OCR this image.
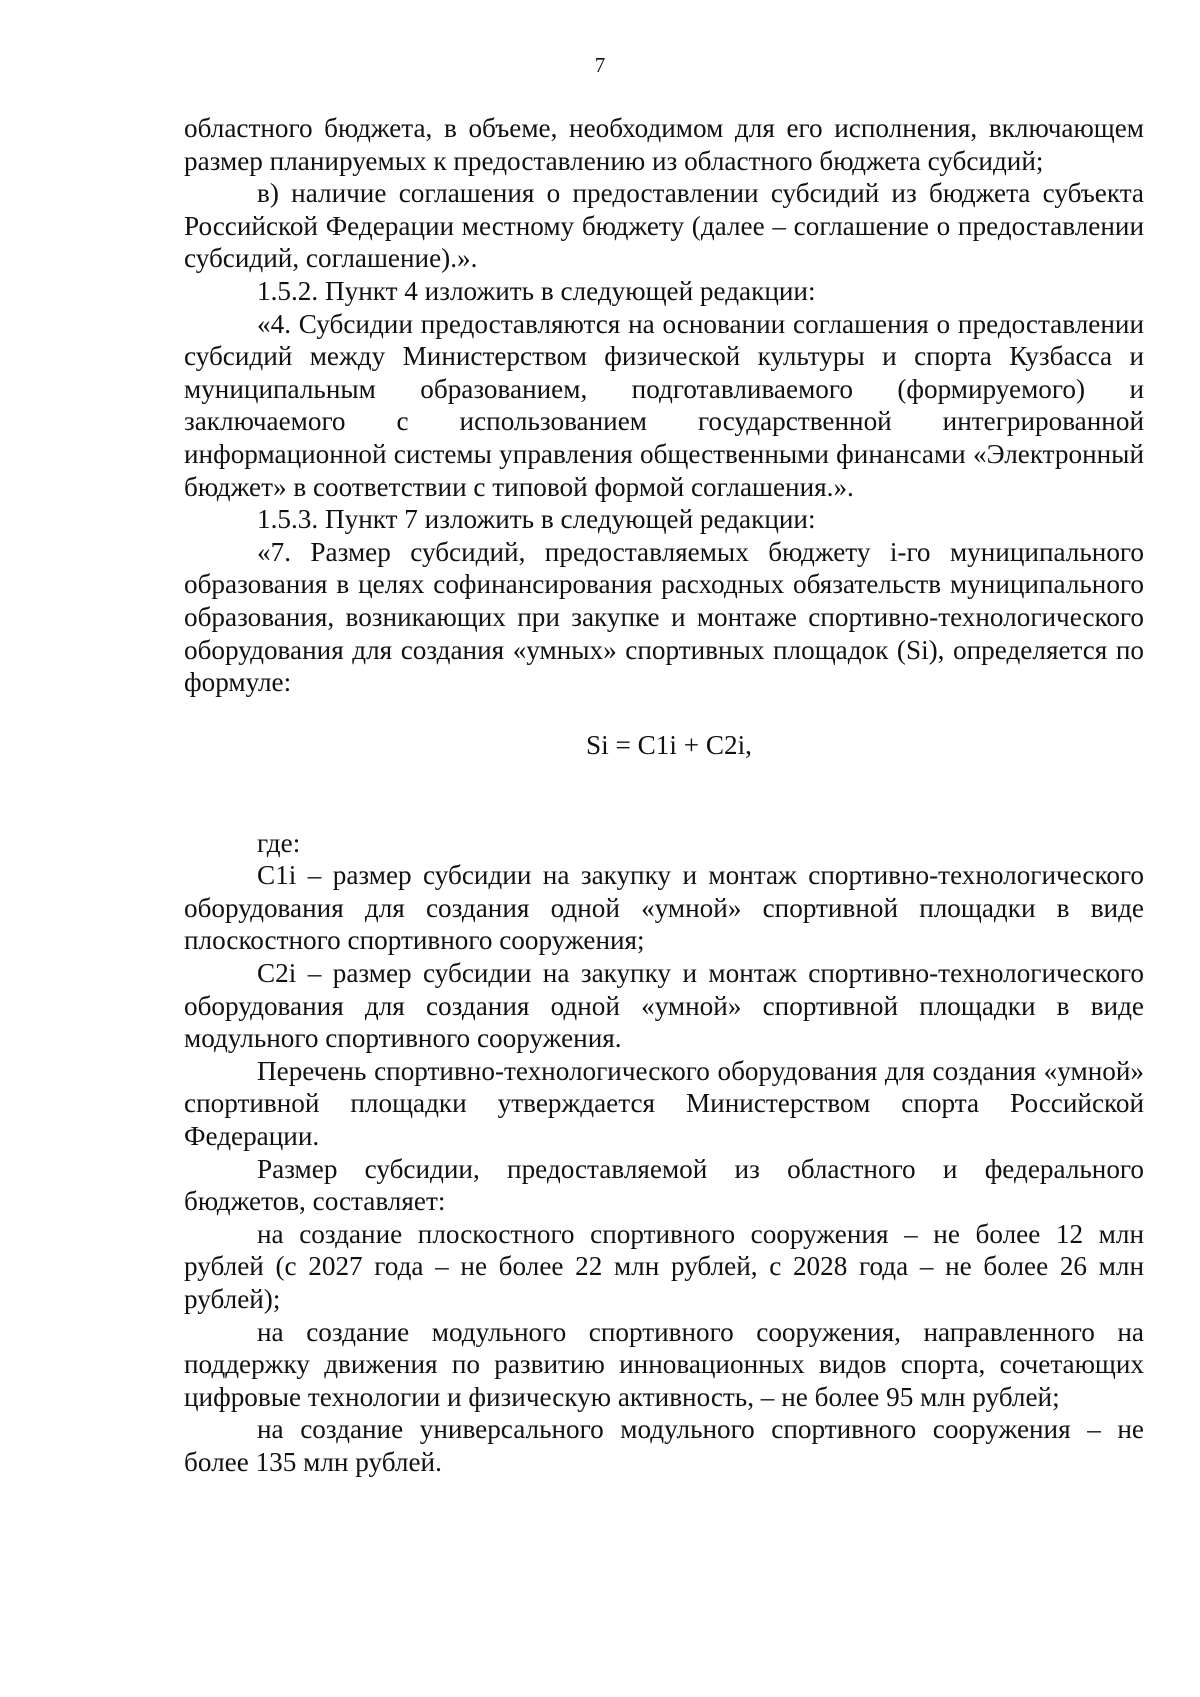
7

областного бюджета, в объеме, необходимом для его исполнения, включающем размер планируемых к предоставлению из областного бюджета субсидий;

в) наличие соглашения о предоставлении субсидий из бюджета субъекта Российской Федерации местному бюджету (далее – соглашение о предоставлении субсидий, соглашение).».

1.5.2. Пункт 4 изложить в следующей редакции:

«4. Субсидии предоставляются на основании соглашения о предоставлении субсидий между Министерством физической культуры и спорта Кузбасса и муниципальным образованием, подготавливаемого (формируемого) и заключаемого с использованием государственной интегрированной информационной системы управления общественными финансами «Электронный бюджет» в соответствии с типовой формой соглашения.».

1.5.3. Пункт 7 изложить в следующей редакции:

«7. Размер субсидий, предоставляемых бюджету i-го муниципального образования в целях софинансирования расходных обязательств муниципального образования, возникающих при закупке и монтаже спортивно-технологического оборудования для создания «умных» спортивных площадок (Si), определяется по формуле:

Si = C1i + C2i,

где:

C1i – размер субсидии на закупку и монтаж спортивно-технологического оборудования для создания одной «умной» спортивной площадки в виде плоскостного спортивного сооружения;

C2i – размер субсидии на закупку и монтаж спортивно-технологического оборудования для создания одной «умной» спортивной площадки в виде модульного спортивного сооружения.

Перечень спортивно-технологического оборудования для создания «умной» спортивной площадки утверждается Министерством спорта Российской Федерации.

Размер субсидии, предоставляемой из областного и федерального бюджетов, составляет:

на создание плоскостного спортивного сооружения – не более 12 млн рублей (с 2027 года – не более 22 млн рублей, с 2028 года – не более 26 млн рублей);

на создание модульного спортивного сооружения, направленного на поддержку движения по развитию инновационных видов спорта, сочетающих цифровые технологии и физическую активность, – не более 95 млн рублей;

на создание универсального модульного спортивного сооружения – не более 135 млн рублей.
